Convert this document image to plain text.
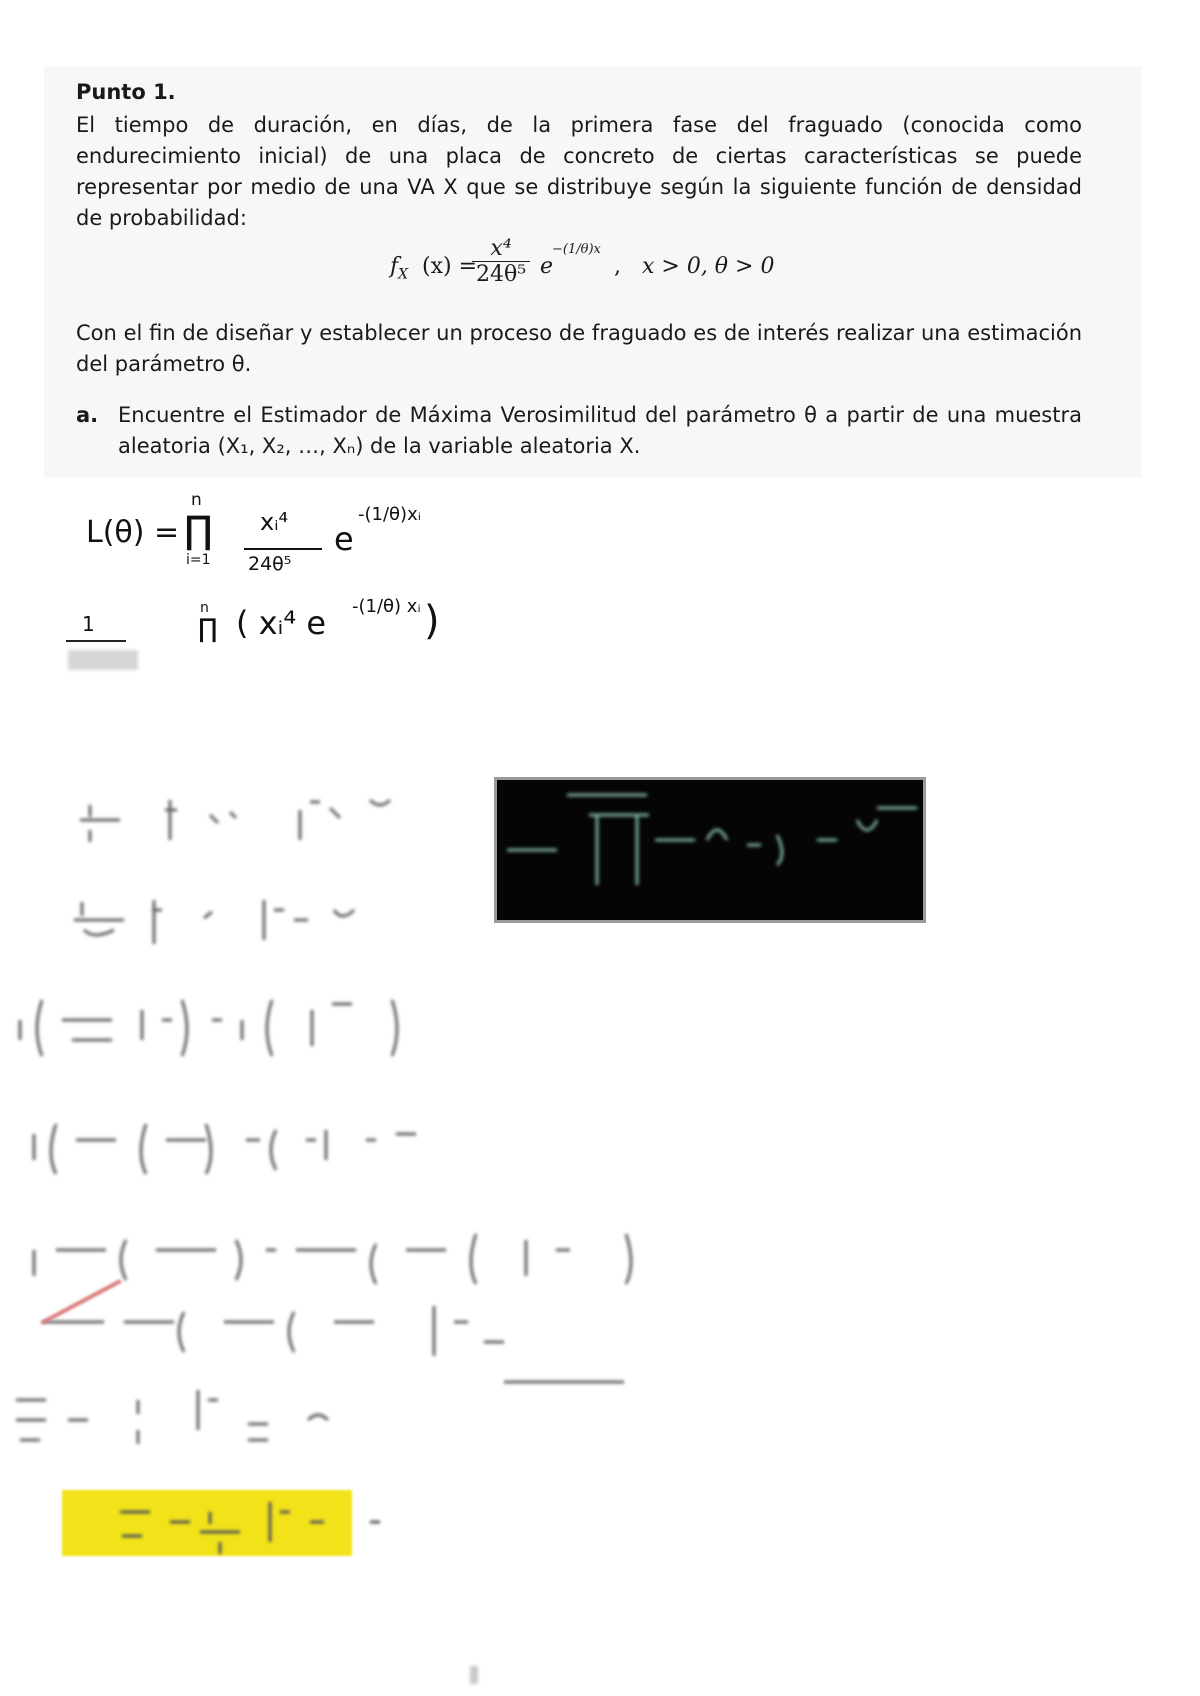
Punto 1.
El tiempo de duración, en días, de la primera fase del fraguado (conocida como endurecimiento inicial) de una placa de concreto de ciertas características se puede representar por medio de una VA X que se distribuye según la siguiente función de densidad de probabilidad:
$f_X$ (x) =
$\frac{\text{x⁴}}{\text{24θ⁵}}$ e
−(1/θ)x
, x > 0, θ > 0
Con el fin de diseñar y establecer un proceso de fraguado es de interés realizar una estimación del parámetro θ.
a. Encuentre el Estimador de Máxima Verosimilitud del parámetro θ a partir de una muestra aleatoria (X₁, X₂, …, Xₙ) de la variable aleatoria X.
L(θ) =
n
∏
i=1
xᵢ⁴
24θ⁵
e
-(1/θ)xᵢ
1
n
∏ ( xᵢ⁴ e -(1/θ) xᵢ )
